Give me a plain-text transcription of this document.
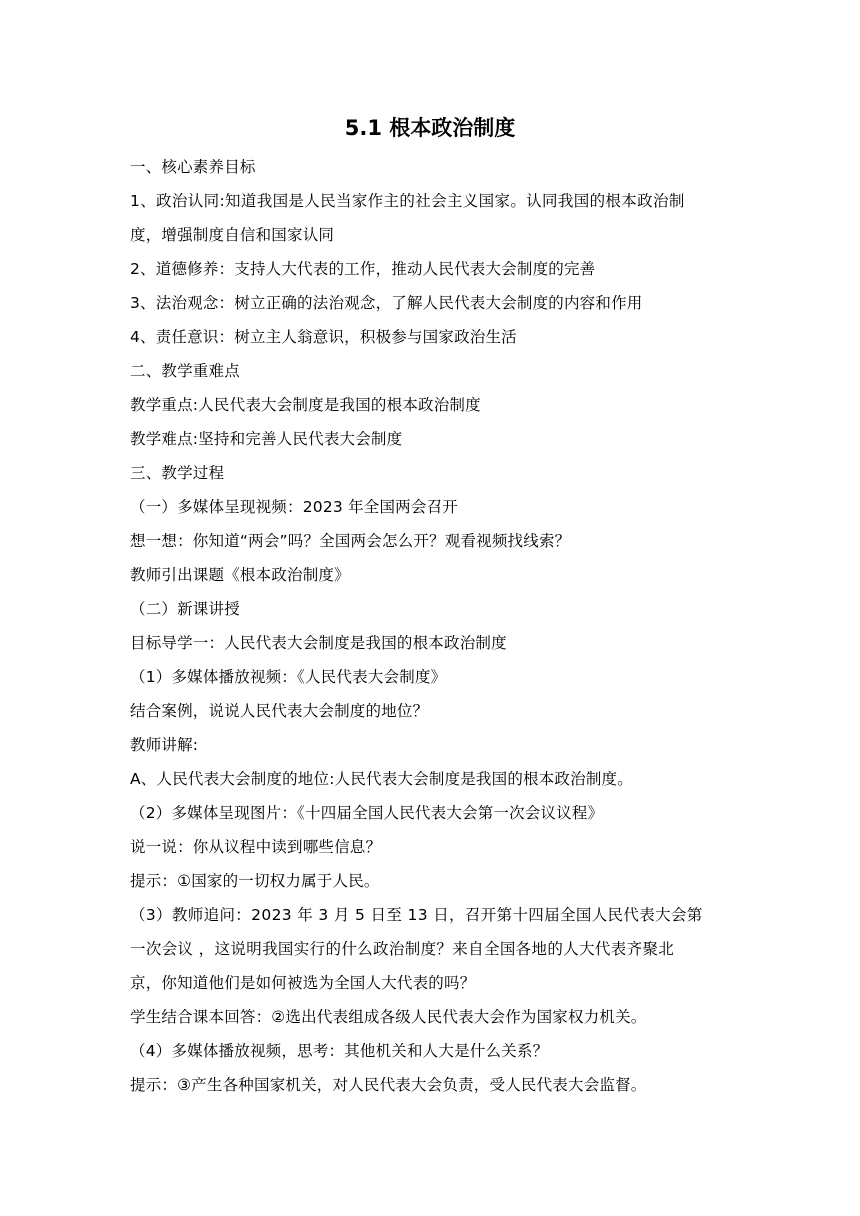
5.1 根本政治制度
一、核心素养目标
1、政治认同:知道我国是人民当家作主的社会主义国家。认同我国的根本政治制
度，增强制度自信和国家认同
2、道德修养：支持人大代表的工作，推动人民代表大会制度的完善
3、法治观念：树立正确的法治观念，了解人民代表大会制度的内容和作用
4、责任意识：树立主人翁意识，积极参与国家政治生活
二、教学重难点
教学重点:人民代表大会制度是我国的根本政治制度
教学难点:坚持和完善人民代表大会制度
三、教学过程
（一）多媒体呈现视频：2023 年全国两会召开
想一想：你知道“两会”吗？全国两会怎么开？观看视频找线索？
教师引出课题《根本政治制度》
（二）新课讲授
目标导学一：人民代表大会制度是我国的根本政治制度
（1）多媒体播放视频：《人民代表大会制度》
结合案例，说说人民代表大会制度的地位？
教师讲解:
A、人民代表大会制度的地位:人民代表大会制度是我国的根本政治制度。
（2）多媒体呈现图片：《十四届全国人民代表大会第一次会议议程》
说一说：你从议程中读到哪些信息？
提示：①国家的一切权力属于人民。
（3）教师追问：2023 年 3 月 5 日至 13 日，召开第十四届全国人民代表大会第
一次会议 ，这说明我国实行的什么政治制度？来自全国各地的人大代表齐聚北
京，你知道他们是如何被选为全国人大代表的吗？
学生结合课本回答：②选出代表组成各级人民代表大会作为国家权力机关。
（4）多媒体播放视频，思考：其他机关和人大是什么关系？
提示：③产生各种国家机关，对人民代表大会负责，受人民代表大会监督。
